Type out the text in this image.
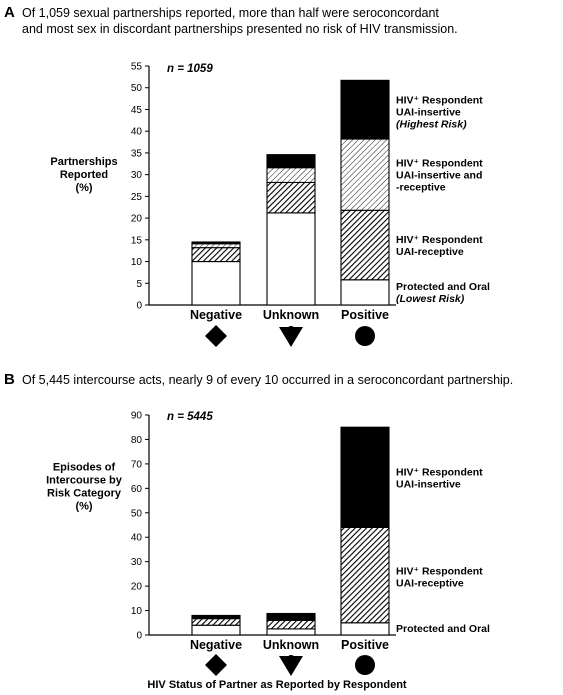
A Of 1,059 sexual partnerships reported, more than half were seroconcordant
and most sex in discordant partnerships presented no risk of HIV transmission.
0
5
10
15
20
25
30
35
40
45
50
55 n = 1059
Partnerships
Reported
(%)
Negative
−
Unknown
?
Positive
+
Protected and Oral
(Lowest Risk)
HIV⁺ Respondent
UAI-receptive
HIV⁺ Respondent
UAI-insertive and
-receptive
HIV⁺ Respondent
UAI-insertive
(Highest Risk)
B Of 5,445 intercourse acts, nearly 9 of every 10 occurred in a seroconcordant partnership.
0
10
20
30
40
50
60
70
80
90 n = 5445
Episodes of
Intercourse by
Risk Category
(%)
Negative
−
Unknown
?
Positive
+
Protected and Oral
HIV⁺ Respondent
UAI-receptive
HIV⁺ Respondent
UAI-insertive
HIV Status of Partner as Reported by Respondent
